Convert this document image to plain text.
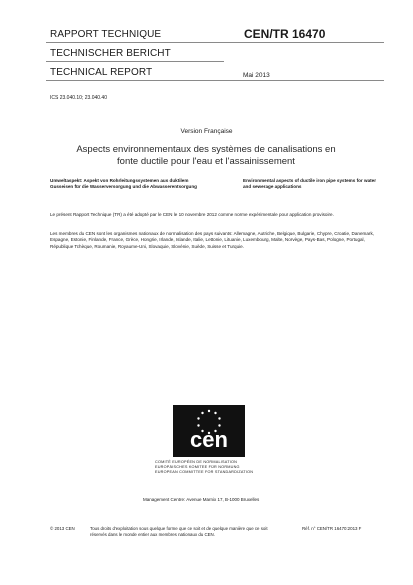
RAPPORT TECHNIQUE
TECHNISCHER BERICHT
TECHNICAL REPORT
CEN/TR 16470
Mai 2013
ICS 23.040.10; 23.040.40
Version Française
Aspects environnementaux des systèmes de canalisations en fonte ductile pour l'eau et l'assainissement
Umweltaspekt: Aspekt von Rohrleitungssystemen aus duktilem Gusseisen für die Wasserversorgung und die Abwasserentsorgung
Environmental aspects of ductile iron pipe systems for water and sewerage applications
Le présent Rapport Technique (TR) a été adopté par le CEN le 10 novembre 2012 comme norme expérimentale pour application provisoire.
Les membres du CEN sont les organismes nationaux de normalisation des pays suivants: Allemagne, Autriche, Belgique, Bulgarie, Chypre, Croatie, Danemark, Espagne, Estonie, Finlande, France, Grèce, Hongrie, Irlande, Islande, Italie, Lettonie, Lituanie, Luxembourg, Malte, Norvège, Pays-Bas, Pologne, Portugal, République Tchèque, Roumanie, Royaume-Uni, Slovaquie, Slovénie, Suède, Suisse et Turquie.
cen
COMITÉ EUROPÉEN DE NORMALISATION
EUROPÄISCHES KOMITEE FÜR NORMUNG
EUROPEAN COMMITTEE FOR STANDARDIZATION
Management Centre: Avenue Marnix 17, B-1000 Bruxelles
© 2013 CEN	Tous droits d'exploitation sous quelque forme que ce soit et de quelque manière que ce soit réservés dans le monde entier aux membres nationaux du CEN.
Réf. n° CEN/TR 16470:2013 F
